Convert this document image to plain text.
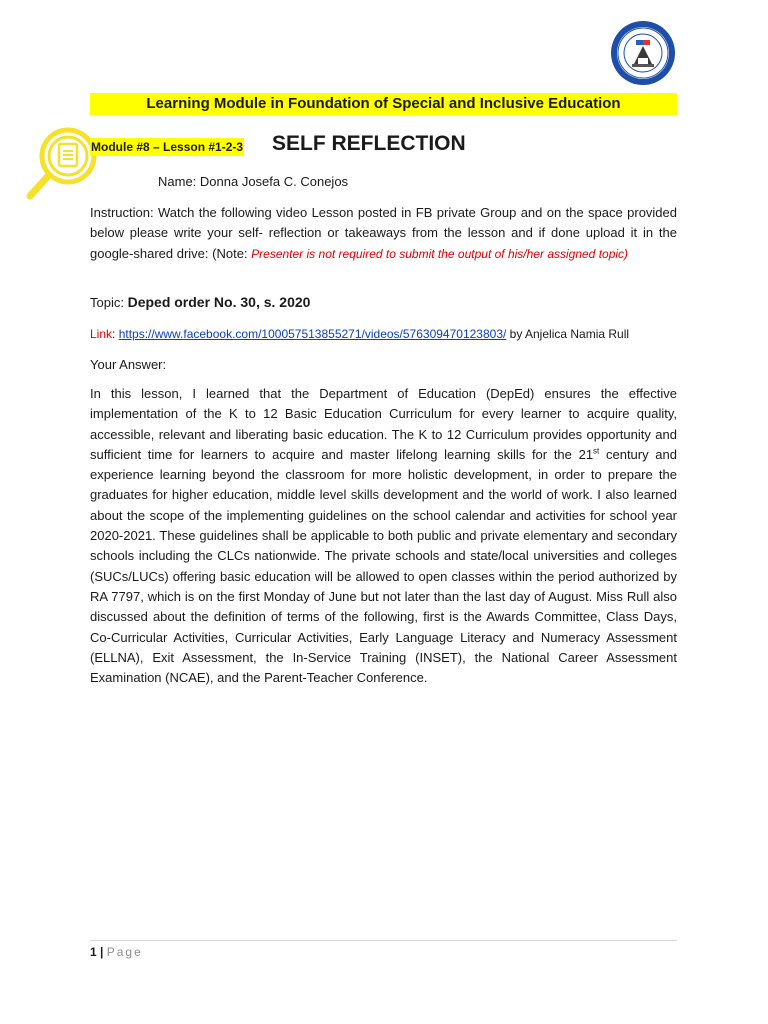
Learning Module in Foundation of Special and Inclusive Education
Module #8 – Lesson #1-2-3 SELF REFLECTION
Name: Donna Josefa C. Conejos
Instruction: Watch the following video Lesson posted in FB private Group and on the space provided below please write your self- reflection or takeaways from the lesson and if done upload it in the google-shared drive: (Note: Presenter is not required to submit the output of his/her assigned topic)
Topic: Deped order No. 30, s. 2020
Link: https://www.facebook.com/100057513855271/videos/576309470123803/ by Anjelica Namia Rull
Your Answer:
In this lesson, I learned that the Department of Education (DepEd) ensures the effective implementation of the K to 12 Basic Education Curriculum for every learner to acquire quality, accessible, relevant and liberating basic education. The K to 12 Curriculum provides opportunity and sufficient time for learners to acquire and master lifelong learning skills for the 21st century and experience learning beyond the classroom for more holistic development, in order to prepare the graduates for higher education, middle level skills development and the world of work. I also learned about the scope of the implementing guidelines on the school calendar and activities for school year 2020-2021. These guidelines shall be applicable to both public and private elementary and secondary schools including the CLCs nationwide. The private schools and state/local universities and colleges (SUCs/LUCs) offering basic education will be allowed to open classes within the period authorized by RA 7797, which is on the first Monday of June but not later than the last day of August. Miss Rull also discussed about the definition of terms of the following, first is the Awards Committee, Class Days, Co-Curricular Activities, Curricular Activities, Early Language Literacy and Numeracy Assessment (ELLNA), Exit Assessment, the In-Service Training (INSET), the National Career Assessment Examination (NCAE), and the Parent-Teacher Conference.
1 | Page
